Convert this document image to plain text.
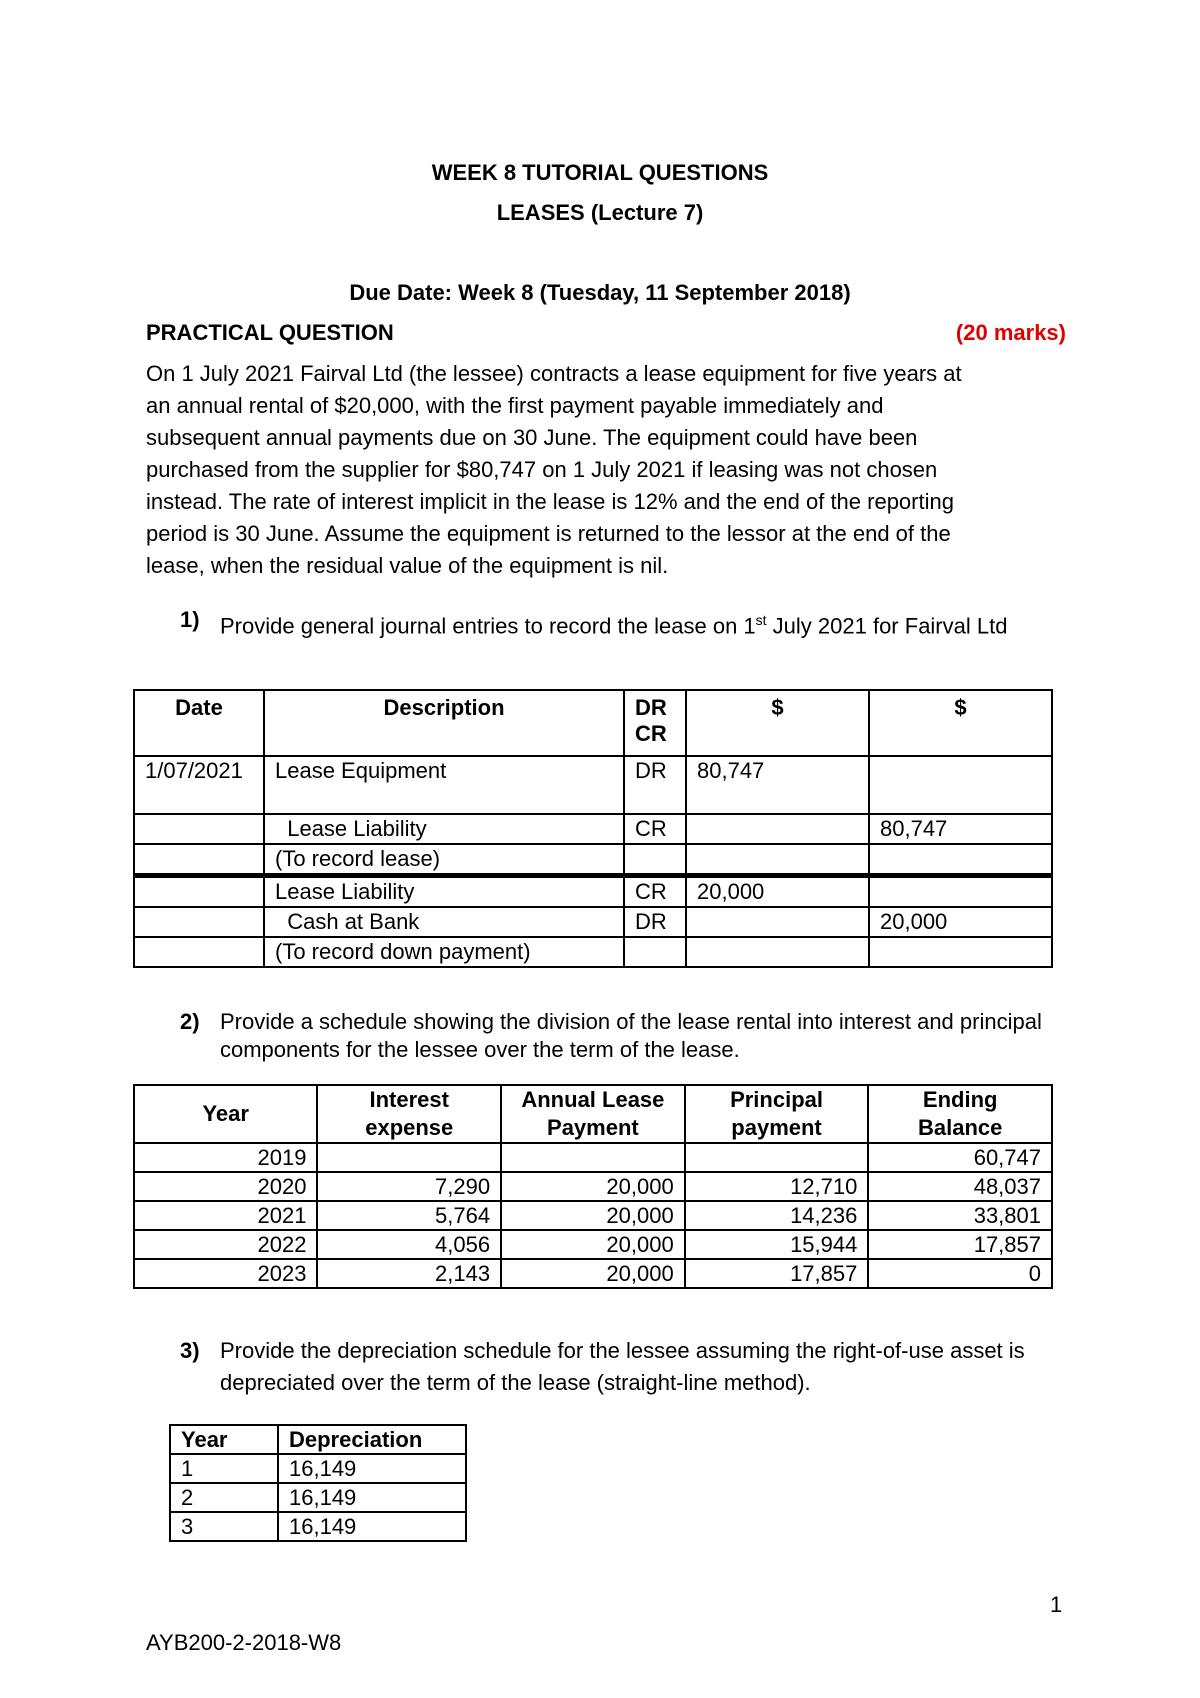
WEEK 8 TUTORIAL QUESTIONS
LEASES (Lecture 7)
Due Date: Week 8 (Tuesday, 11 September 2018)
PRACTICAL QUESTION	(20 marks)

On 1 July 2021 Fairval Ltd (the lessee) contracts a lease equipment for five years at

an annual rental of $20,000, with the first payment payable immediately and

subsequent annual payments due on 30 June. The equipment could have been

purchased from the supplier for $80,747 on 1 July 2021 if leasing was not chosen

instead. The rate of interest implicit in the lease is 12% and the end of the reporting

period is 30 June. Assume the equipment is returned to the lessor at the end of the

lease, when the residual value of the equipment is nil.

1) Provide general journal entries to record the lease on 1st July 2021 for Fairval Ltd
Date	Description	DR CR	$	$
1/07/2021	Lease Equipment	DR	80,747	
	Lease Liability	CR		80,747
	(To record lease)			
	Lease Liability	CR	20,000	
	Cash at Bank	DR		20,000
	(To record down payment)			
2) Provide a schedule showing the division of the lease rental into interest and principal components for the lessee over the term of the lease.
Year	Interest expense	Annual Lease Payment	Principal payment	Ending Balance
2019				60,747
2020	7,290	20,000	12,710	48,037
2021	5,764	20,000	14,236	33,801
2022	4,056	20,000	15,944	17,857
2023	2,143	20,000	17,857	0
3) Provide the depreciation schedule for the lessee assuming the right-of-use asset is depreciated over the term of the lease (straight-line method).
Year	Depreciation
1	16,149
2	16,149
3	16,149
1
AYB200-2-2018-W8
